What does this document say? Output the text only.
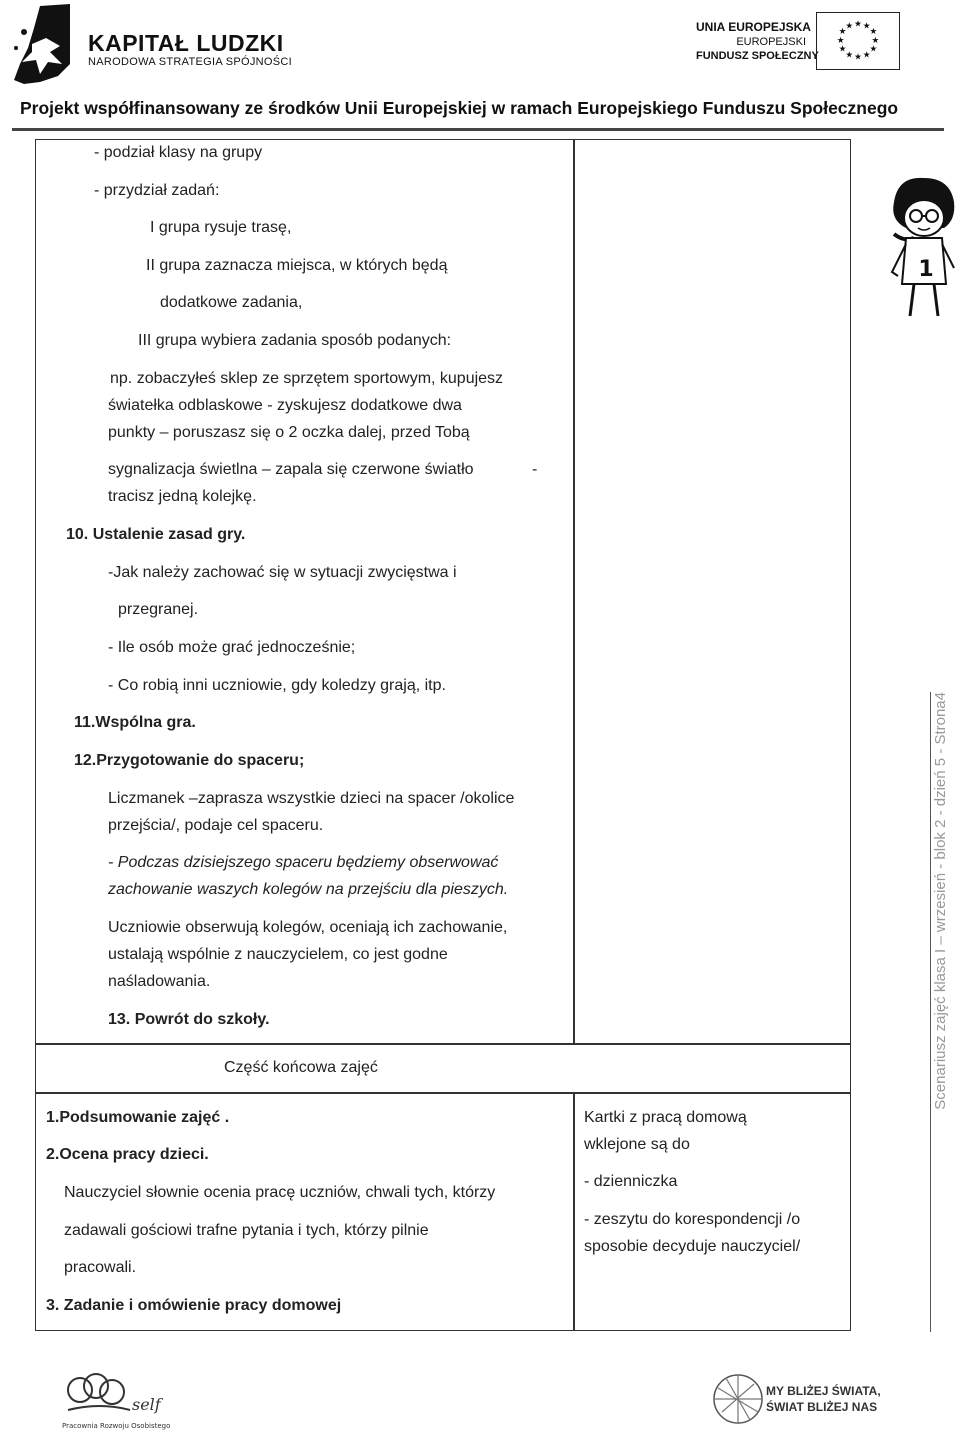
KAPITAŁ LUDZKI
NARODOWA STRATEGIA SPÓJNOŚCI
UNIA EUROPEJSKA
EUROPEJSKI
FUNDUSZ SPOŁECZNY
★ ★
★
★
★
★
★
★
★
★
★
★
Projekt współfinansowany ze środków Unii Europejskiej w ramach Europejskiego Funduszu Społecznego
- podział klasy na grupy
- przydział zadań:
I grupa rysuje trasę,
II grupa zaznacza miejsca, w których będą
dodatkowe zadania,
III grupa wybiera zadania sposób podanych:
np. zobaczyłeś sklep ze sprzętem sportowym, kupujesz
światełka odblaskowe - zyskujesz dodatkowe dwa
punkty – poruszasz się o 2 oczka dalej, przed Tobą
sygnalizacja świetlna – zapala się czerwone światło	-
tracisz jedną kolejkę.
10. Ustalenie zasad gry.
-Jak należy zachować się w sytuacji zwycięstwa i
przegranej.
- Ile osób może grać jednocześnie;
- Co robią inni uczniowie, gdy koledzy grają, itp.
11.Wspólna gra.
12.Przygotowanie do spaceru;
Liczmanek –zaprasza wszystkie dzieci na spacer /okolice
przejścia/, podaje cel spaceru.
- Podczas dzisiejszego spaceru będziemy obserwować
zachowanie waszych kolegów na przejściu dla pieszych.
Uczniowie obserwują kolegów, oceniają ich zachowanie,
ustalają wspólnie z nauczycielem, co jest godne
naśladowania.
13. Powrót do szkoły.
Część końcowa zajęć
1.Podsumowanie zajęć .
2.Ocena pracy dzieci.
Nauczyciel słownie ocenia pracę uczniów, chwali tych, którzy
zadawali gościowi trafne pytania i tych, którzy pilnie
pracowali.
3. Zadanie i omówienie pracy domowej
Kartki z pracą domową
wklejone są do
- dzienniczka
- zeszytu do korespondencji /o
sposobie decyduje nauczyciel/
1
Scenariusz zajęć klasa I – wrzesień - blok 2 - dzień 5 - Strona4
self
Pracownia Rozwoju Osobistego
MY BLIŻEJ ŚWIATA,
ŚWIAT BLIŻEJ NAS
